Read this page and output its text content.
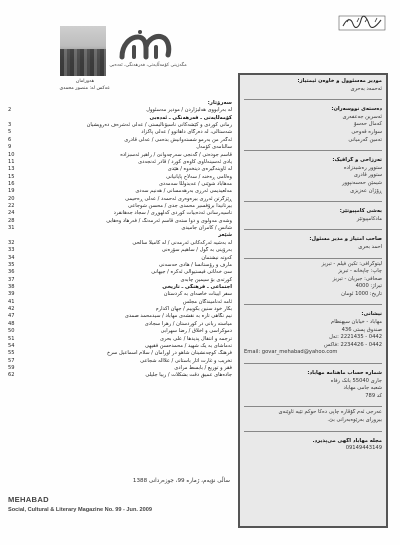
هەورامان
عەکس لە: منصور محمدی
مگەزینی کۆمەڵایەتی، فەرهەنگی، ئەدەبی
سەرۆتار:
لە بەرابووی هەڵبژاردن / مودیر مەسئوول
2
کۆمەڵایەتی ـ فەرهەنگی ـ ئەدەبی
زمانی کوردی و کێشەکانی ناسیۆنالیستی / عەلی ئەشرەف دەرویشیان
3
شەستالی، لە دەرگای داهاتوو / عەلی پاکزاد
5
ئەگەر من بەرمو شستەوانیش بدەمی / عەلی قادری
6
ساڵنامەی کۆمەڵ
9
قاسم جودەتی / گەنجی سەرچەوانێ / زاهیر ئەسبزادە
10
یادی ئەسینەڵاوی کاوەی کورد / قادر ئەنجەدی
11
لە ئاوینەگیرەی دینخەوە / هێدی
13
وەڵامی ڕەخنە / سەلاح پایانیانی
15
مەهاباد شوێنی / عەبدوڵڵا سەمەدی
16
مەڵعیدیمی ئەرزی بەرهەمسانی / هەنیم سەدی
19
ڕێزگرتن ئەرزی بیرەوەری ئەحمەد / عەلی ڕەحیمی
20
بیرتانیدا برۆفسیر محمدی جدی / محسن شوجاعی
22
تاسیەرسانی ئەدەبیات کوردی کەلهوڕی / سجاد جەهانفرد
24
وشەی مەولوی و دوا ستەی قاسم ئەرمەنگ / فەرهاد وەهابی
28
شانس / کامران جامیدی
31
شێعر
لە بەشیە ئەرکەکانی ئەرمەنی / لە کامیلا ساڵحی
32
بەرۆینی بە گوڵ / ساهیم سۆزەنی
33
کەوتە نیشتمان
34
مارف و رۆستانسا / هادی حەسەنی
35
سێ خەڵاتی فیستیواڵی ئەکرە / جیهانی
36
کورتەی بۆ سیمین چابەی
37
اجتماعی ـ فرهنگی ـ تاریخی
38
سفر آیینات خاصەای بە کردستان
39
ئامە ئەنامیندگان مجلس
41
بکار خود سنین بکوییم / جهان اکدارم
42
نیم نگاهی تازە بە نقشەی مهاباد / سیدمحمد صمدی
47
میاستە زبانی در کوردستان / زهرا سجادی
48
دموکراسی و اخلاق / رضا سهرابی
50
ترجمە و انتقال پدیدها / علی بحری
51
تەماشای بە یک شهید / محمدحسن فقیهی
54
فرهنگ کوچەنشینان شاهو در اورامان / سلام اسماعیل سرخ
55
تخریب و غارت آثار باستانی / علاالە شجاعی
57
فقر و توزیع / بابسط مرادی
59
جادەهای عمیق دقت بشكلات / زیبا جلیلی
62
ساڵی نۆیەم، ژمارە 99، جوزەردانی 1388
MEHABAD
Social, Cultural & Literary Magazine No. 99 - Jun. 2009
مودیر مەسئوول و خاوەن ئیمتیاز:
ئەحمەد بەحری
دەستەی نووسەران:
ئەسرین جەعفەری
کەماڵ حەسۆ
سوارە قەوحی
تەمین گەرمیانی
تەرزاحی و گرافیک:
ستوور رەشیدزادە
ستوور قادری
شیمێن حەسەنپوور
ڕۆژان عەزیزی
بەشی کامپیوتێر:
مادکامپیوتێر
صاحب امتیاز و مدیر مسئول:
احمد بحری
لیتوگرافی: تکین فیلم - تبریز
چاپ: چاپخانە - تبریز
صحافی: جیریان - تبریز
تیراژ: 4000
تاریخ: 1000 ئومان
نیشانی:
مهاباد - خیابان سپهنظام
صندوق پستی 436
0442 - 2221435 :تەل
0442 - 2234426 :فاکس
Email: govar_mehabad@yahoo.com
شمارە حساب ماهنامە مهاباد:
جاری 55040 بانک رفاه
شعبە جامی مهاباد
کد 789
عەرجی ئەم گۆڤارە چاپی دەکا حوکم تێیە ئاوێنەی
بیرورای بەرێوەبەرانی بێ.
مجلە مهاباد آگهی می‌پذیرد.
09149443149
